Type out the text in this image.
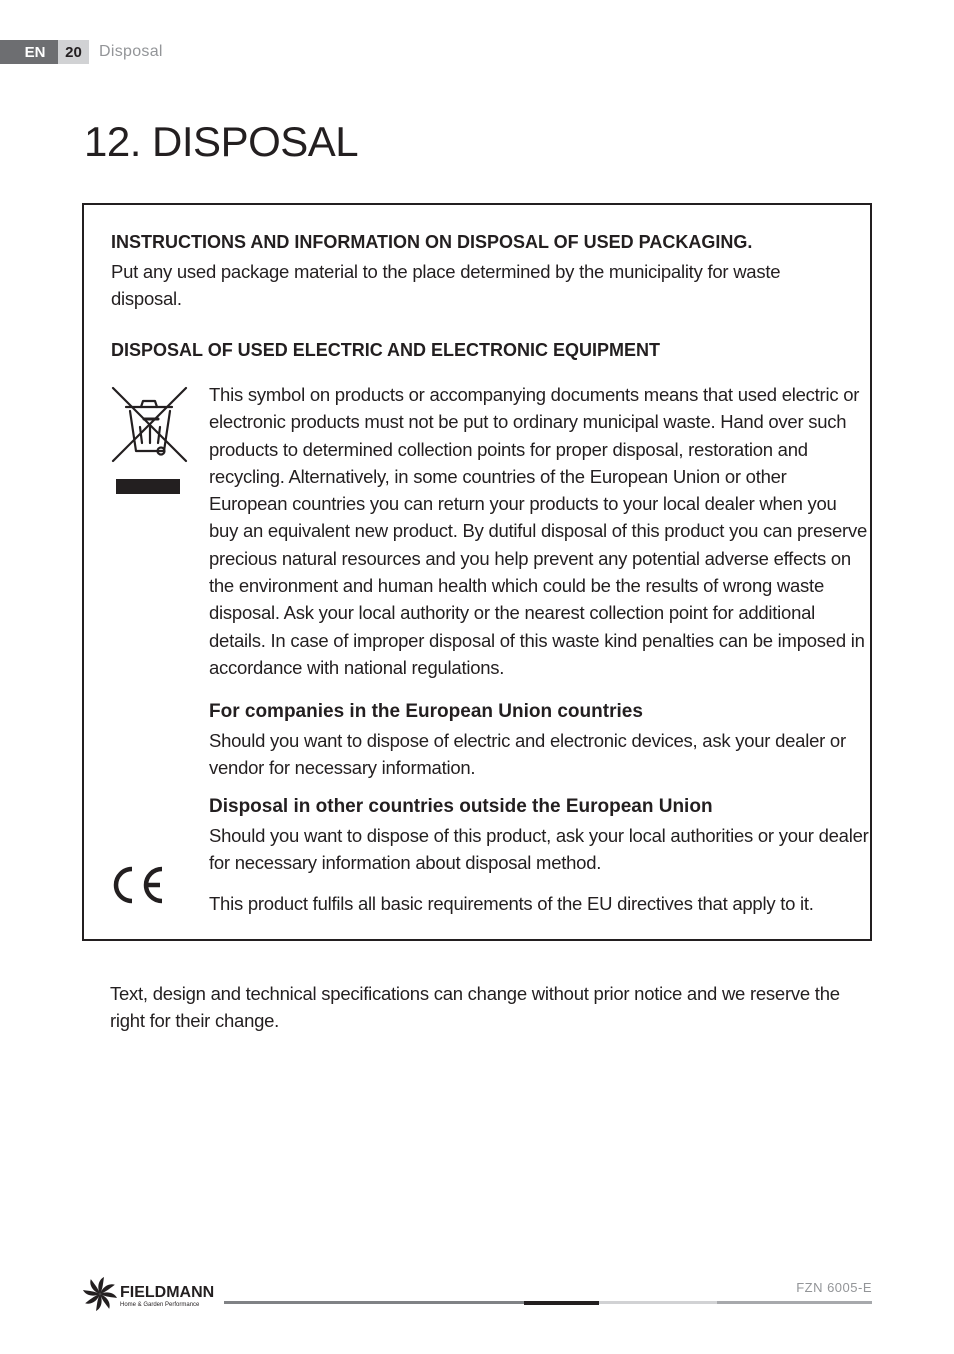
EN	20	Disposal
12. DISPOSAL

INSTRUCTIONS AND INFORMATION ON DISPOSAL OF USED PACKAGING.

Put any used package material to the place determined by the municipality for waste disposal.

DISPOSAL OF USED ELECTRIC AND ELECTRONIC EQUIPMENT

This symbol on products or accompanying documents means that used electric or electronic products must not be put to ordinary municipal waste. Hand over such products to determined collection points for proper disposal, restoration and recycling. Alternatively, in some countries of the European Union or other European countries you can return your products to your local dealer when you buy an equivalent new product. By dutiful disposal of this product you can preserve precious natural resources and you help prevent any potential adverse effects on the environment and human health which could be the results of wrong waste disposal. Ask your local authority or the nearest collection point for additional details. In case of improper disposal of this waste kind penalties can be imposed in accordance with national regulations.

For companies in the European Union countries

Should you want to dispose of electric and electronic devices, ask your dealer or vendor for necessary information.

Disposal in other countries outside the European Union

Should you want to dispose of this product, ask your local authorities or your dealer for necessary information about disposal method.

This product fulfils all basic requirements of the EU directives that apply to it.

Text, design and technical specifications can change without prior notice and we reserve the right for their change.

FIELDMANN
Home & Garden Performance
FZN 6005-E
